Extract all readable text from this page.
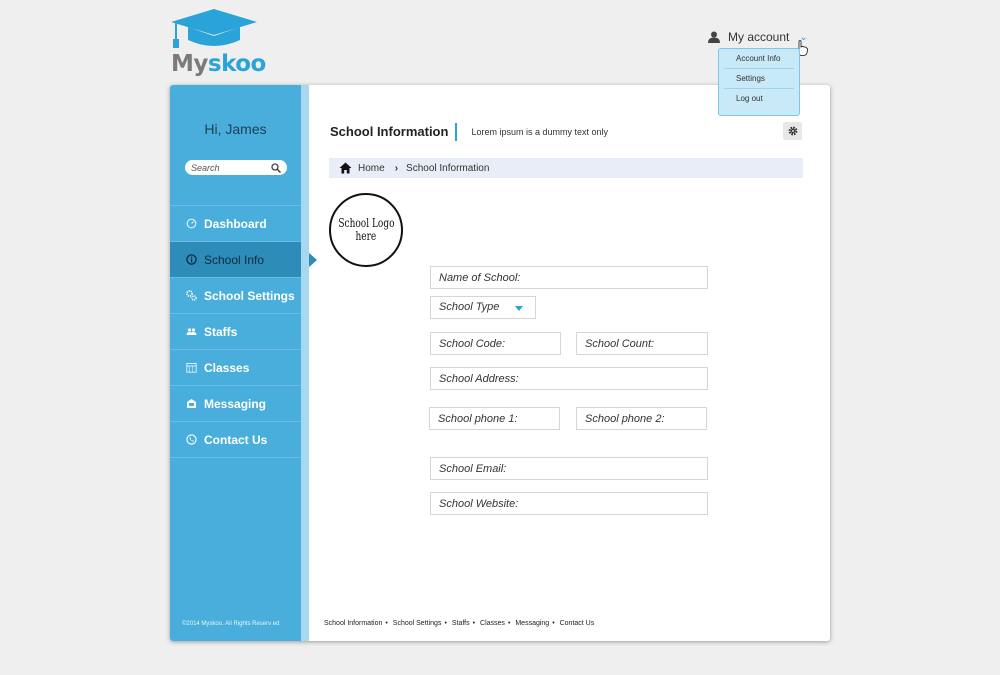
Myskoo
My account ⌄
Account Info
Settings
Log out
Hi, James
Search
Dashboard
School Info
School Settings
Staffs
Classes
Messaging
Contact Us
©2014 Myskoo. All Rights Reserv ed
School Information	Lorem ipsum is a dummy text only
Home › School Information
School Logo
here
Name of School:
School Type
School Code:
School Count:
School Address:
School phone 1:
School phone 2:
School Email:
School Website:
School Information • School Settings • Staffs • Classes • Messaging • Contact Us
